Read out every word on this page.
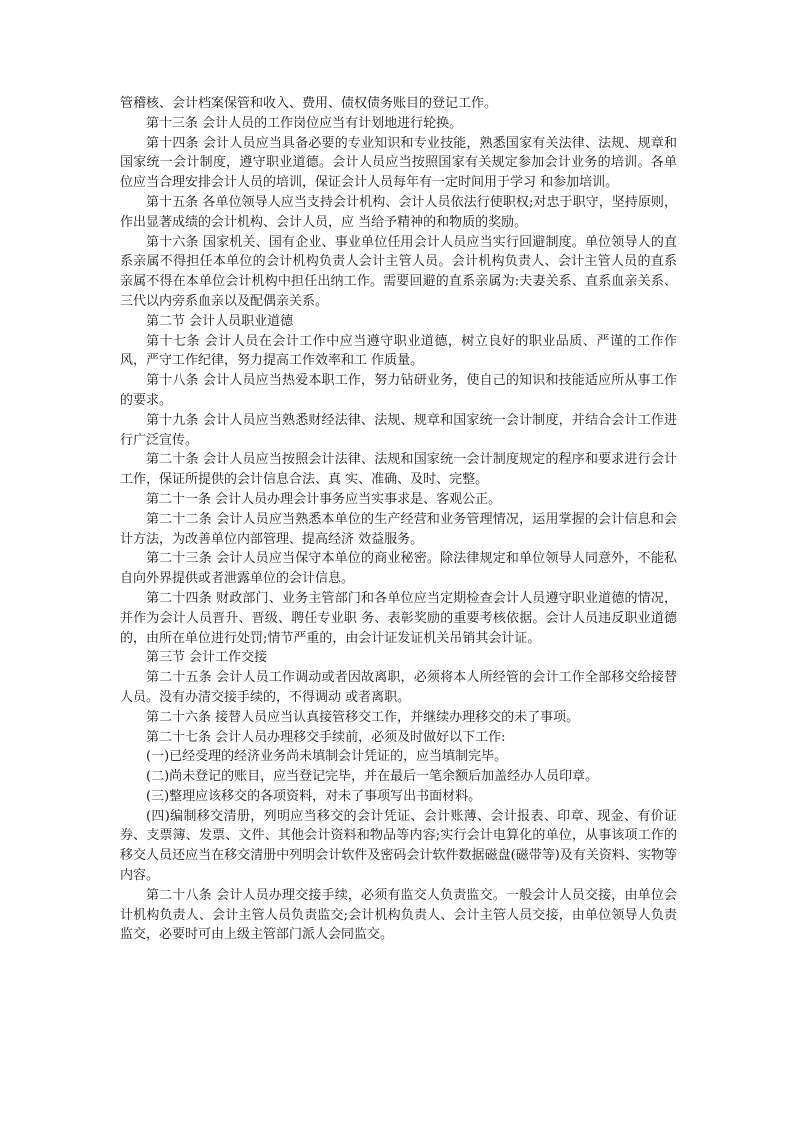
管稽核、会计档案保管和收入、费用、债权债务账目的登记工作。

第十三条 会计人员的工作岗位应当有计划地进行轮换。

第十四条 会计人员应当具备必要的专业知识和专业技能，熟悉国家有关法律、法规、规章和国家统一会计制度，遵守职业道德。会计人员应当按照国家有关规定参加会计业务的培训。各单位应当合理安排会计人员的培训，保证会计人员每年有一定时间用于学习 和参加培训。

第十五条 各单位领导人应当支持会计机构、会计人员依法行使职权;对忠于职守，坚持原则，作出显著成绩的会计机构、会计人员，应 当给予精神的和物质的奖励。

第十六条 国家机关、国有企业、事业单位任用会计人员应当实行回避制度。单位领导人的直系亲属不得担任本单位的会计机构负责人会计主管人员。会计机构负责人、会计主管人员的直系亲属不得在本单位会计机构中担任出纳工作。需要回避的直系亲属为:夫妻关系、直系血亲关系、三代以内旁系血亲以及配偶亲关系。

第二节 会计人员职业道德

第十七条 会计人员在会计工作中应当遵守职业道德，树立良好的职业品质、严谨的工作作风，严守工作纪律，努力提高工作效率和工 作质量。

第十八条 会计人员应当热爱本职工作，努力钻研业务，使自己的知识和技能适应所从事工作的要求。

第十九条 会计人员应当熟悉财经法律、法规、规章和国家统一会计制度，并结合会计工作进行广泛宣传。

第二十条 会计人员应当按照会计法律、法规和国家统一会计制度规定的程序和要求进行会计工作，保证所提供的会计信息合法、真 实、准确、及时、完整。

第二十一条 会计人员办理会计事务应当实事求是、客观公正。

第二十二条 会计人员应当熟悉本单位的生产经营和业务管理情况，运用掌握的会计信息和会计方法，为改善单位内部管理、提高经济 效益服务。

第二十三条 会计人员应当保守本单位的商业秘密。除法律规定和单位领导人同意外，不能私自向外界提供或者泄露单位的会计信息。

第二十四条 财政部门、业务主管部门和各单位应当定期检查会计人员遵守职业道德的情况，并作为会计人员晋升、晋级、聘任专业职 务、表彰奖励的重要考核依据。会计人员违反职业道德的，由所在单位进行处罚;情节严重的，由会计证发证机关吊销其会计证。

第三节 会计工作交接

第二十五条 会计人员工作调动或者因故离职，必须将本人所经管的会计工作全部移交给接替人员。没有办清交接手续的，不得调动 或者离职。

第二十六条 接替人员应当认真接管移交工作，并继续办理移交的未了事项。

第二十七条 会计人员办理移交手续前，必须及时做好以下工作:

(一)已经受理的经济业务尚未填制会计凭证的，应当填制完毕。

(二)尚未登记的账目，应当登记完毕，并在最后一笔余额后加盖经办人员印章。

(三)整理应该移交的各项资料，对未了事项写出书面材料。

(四)编制移交清册，列明应当移交的会计凭证、会计账薄、会计报表、印章、现金、有价证券、支票簿、发票、文件、其他会计资料和物品等内容;实行会计电算化的单位，从事该项工作的移交人员还应当在移交清册中列明会计软件及密码会计软件数据磁盘(磁带等)及有关资料、实物等内容。

第二十八条 会计人员办理交接手续，必须有监交人负责监交。一般会计人员交接，由单位会计机构负责人、会计主管人员负责监交;会计机构负责人、会计主管人员交接，由单位领导人负责监交，必要时可由上级主管部门派人会同监交。
